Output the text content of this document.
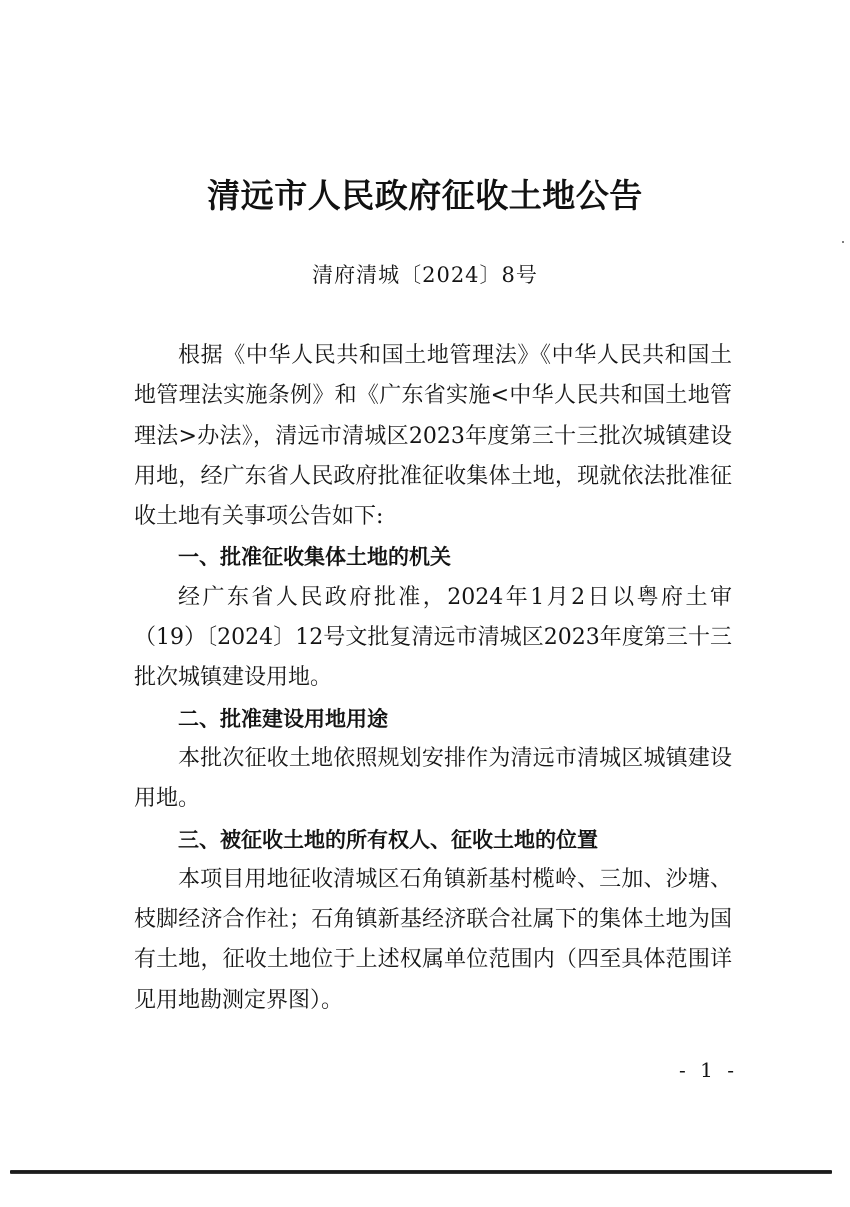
清远市人民政府征收土地公告
清府清城〔2024〕8号

根据《中华人民共和国土地管理法》《中华人民共和国土地管理法实施条例》和《广东省实施<中华人民共和国土地管理法>办法》，清远市清城区2023年度第三十三批次城镇建设用地，经广东省人民政府批准征收集体土地，现就依法批准征收土地有关事项公告如下:

一、批准征收集体土地的机关

经广东省人民政府批准，2024年1月2日以粤府土审（19）〔2024〕12号文批复清远市清城区2023年度第三十三批次城镇建设用地。

二、批准建设用地用途

本批次征收土地依照规划安排作为清远市清城区城镇建设用地。

三、被征收土地的所有权人、征收土地的位置

本项目用地征收清城区石角镇新基村榄岭、三加、沙塘、枝脚经济合作社；石角镇新基经济联合社属下的集体土地为国有土地，征收土地位于上述权属单位范围内（四至具体范围详见用地勘测定界图）。

- 1 -
